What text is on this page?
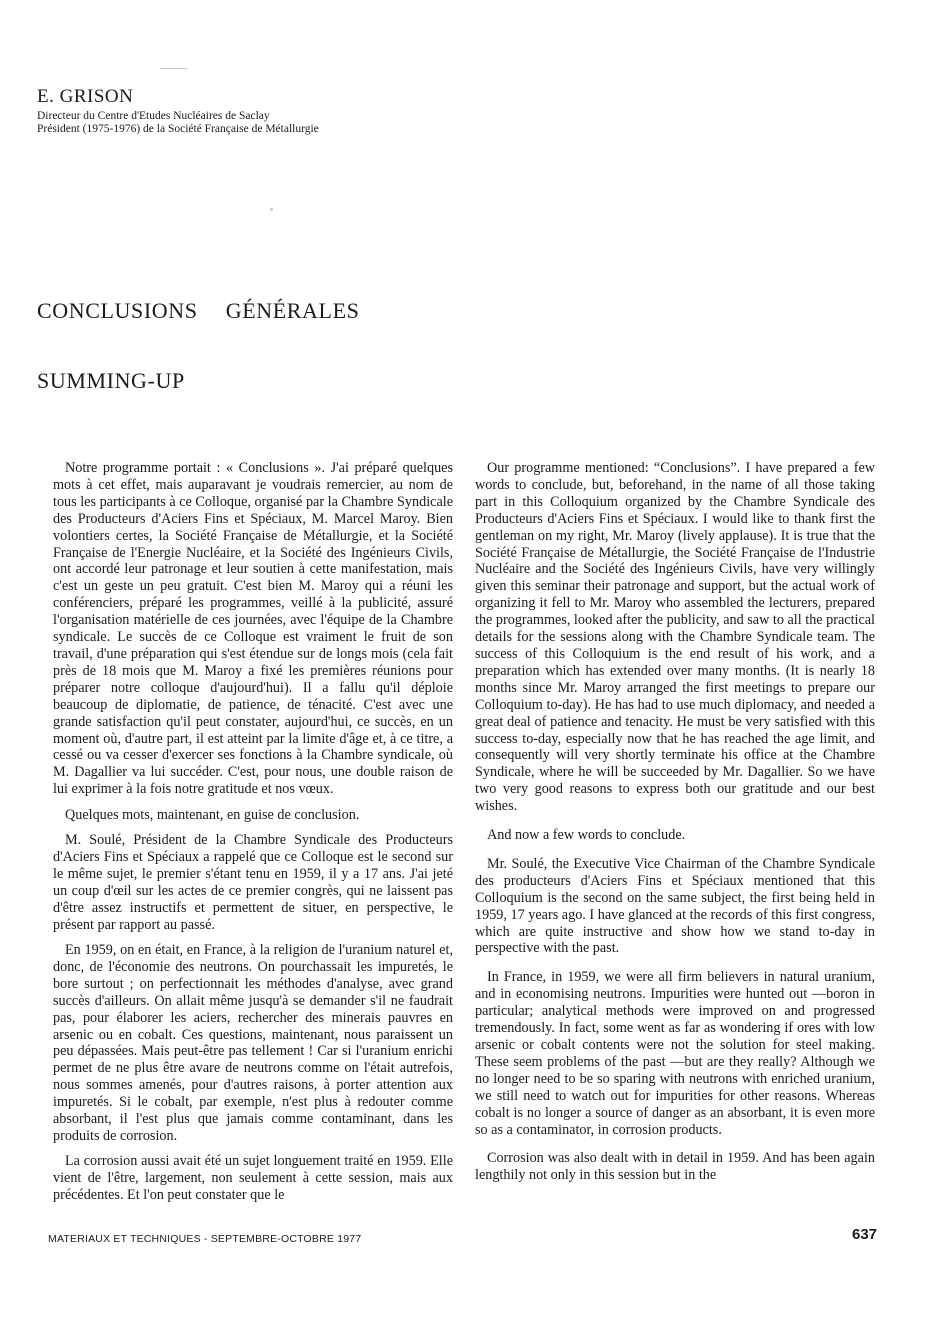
E. GRISON
Directeur du Centre d'Etudes Nucléaires de Saclay
Président (1975-1976) de la Société Française de Métallurgie
CONCLUSIONS GÉNÉRALES
SUMMING-UP

Notre programme portait : « Conclusions ». J'ai préparé quelques mots à cet effet, mais auparavant je voudrais remercier, au nom de tous les participants à ce Colloque, organisé par la Chambre Syndicale des Producteurs d'Aciers Fins et Spéciaux, M. Marcel Maroy. Bien volontiers certes, la Société Française de Métallurgie, et la Société Française de l'Energie Nucléaire, et la Société des Ingénieurs Civils, ont accordé leur patronage et leur soutien à cette manifestation, mais c'est un geste un peu gratuit. C'est bien M. Maroy qui a réuni les conférenciers, préparé les programmes, veillé à la publicité, assuré l'organisation matérielle de ces journées, avec l'équipe de la Chambre syndicale. Le succès de ce Colloque est vraiment le fruit de son travail, d'une préparation qui s'est étendue sur de longs mois (cela fait près de 18 mois que M. Maroy a fixé les premières réunions pour préparer notre colloque d'aujourd'hui). Il a fallu qu'il déploie beaucoup de diplomatie, de patience, de ténacité. C'est avec une grande satisfaction qu'il peut constater, aujourd'hui, ce succès, en un moment où, d'autre part, il est atteint par la limite d'âge et, à ce titre, a cessé ou va cesser d'exercer ses fonctions à la Chambre syndicale, où M. Dagallier va lui succéder. C'est, pour nous, une double raison de lui exprimer à la fois notre gratitude et nos vœux.

Quelques mots, maintenant, en guise de conclusion.

M. Soulé, Président de la Chambre Syndicale des Producteurs d'Aciers Fins et Spéciaux a rappelé que ce Colloque est le second sur le même sujet, le premier s'étant tenu en 1959, il y a 17 ans. J'ai jeté un coup d'œil sur les actes de ce premier congrès, qui ne laissent pas d'être assez instructifs et permettent de situer, en perspective, le présent par rapport au passé.

En 1959, on en était, en France, à la religion de l'uranium naturel et, donc, de l'économie des neutrons. On pourchassait les impuretés, le bore surtout ; on perfectionnait les méthodes d'analyse, avec grand succès d'ailleurs. On allait même jusqu'à se demander s'il ne faudrait pas, pour élaborer les aciers, rechercher des minerais pauvres en arsenic ou en cobalt. Ces questions, maintenant, nous paraissent un peu dépassées. Mais peut-être pas tellement ! Car si l'uranium enrichi permet de ne plus être avare de neutrons comme on l'était autrefois, nous sommes amenés, pour d'autres raisons, à porter attention aux impuretés. Si le cobalt, par exemple, n'est plus à redouter comme absorbant, il l'est plus que jamais comme contaminant, dans les produits de corrosion.

La corrosion aussi avait été un sujet longuement traité en 1959. Elle vient de l'être, largement, non seulement à cette session, mais aux précédentes. Et l'on peut constater que le

Our programme mentioned: “Conclusions”. I have prepared a few words to conclude, but, beforehand, in the name of all those taking part in this Colloquium organized by the Chambre Syndicale des Producteurs d'Aciers Fins et Spéciaux. I would like to thank first the gentleman on my right, Mr. Maroy (lively applause). It is true that the Société Française de Métallurgie, the Société Française de l'Industrie Nucléaire and the Société des Ingénieurs Civils, have very willingly given this seminar their patronage and support, but the actual work of organizing it fell to Mr. Maroy who assembled the lecturers, prepared the programmes, looked after the publicity, and saw to all the practical details for the sessions along with the Chambre Syndicale team. The success of this Colloquium is the end result of his work, and a preparation which has extended over many months. (It is nearly 18 months since Mr. Maroy arranged the first meetings to prepare our Colloquium to-day). He has had to use much diplomacy, and needed a great deal of patience and tenacity. He must be very satisfied with this success to-day, especially now that he has reached the age limit, and consequently will very shortly terminate his office at the Chambre Syndicale, where he will be succeeded by Mr. Dagallier. So we have two very good reasons to express both our gratitude and our best wishes.

And now a few words to conclude.

Mr. Soulé, the Executive Vice Chairman of the Chambre Syndicale des producteurs d'Aciers Fins et Spéciaux mentioned that this Colloquium is the second on the same subject, the first being held in 1959, 17 years ago. I have glanced at the records of this first congress, which are quite instructive and show how we stand to-day in perspective with the past.

In France, in 1959, we were all firm believers in natural uranium, and in economising neutrons. Impurities were hunted out —boron in particular; analytical methods were improved on and progressed tremendously. In fact, some went as far as wondering if ores with low arsenic or cobalt contents were not the solution for steel making. These seem problems of the past —but are they really? Although we no longer need to be so sparing with neutrons with enriched uranium, we still need to watch out for impurities for other reasons. Whereas cobalt is no longer a source of danger as an absorbant, it is even more so as a contaminator, in corrosion products.

Corrosion was also dealt with in detail in 1959. And has been again lengthily not only in this session but in the

MATERIAUX ET TECHNIQUES - SEPTEMBRE-OCTOBRE 1977	637
